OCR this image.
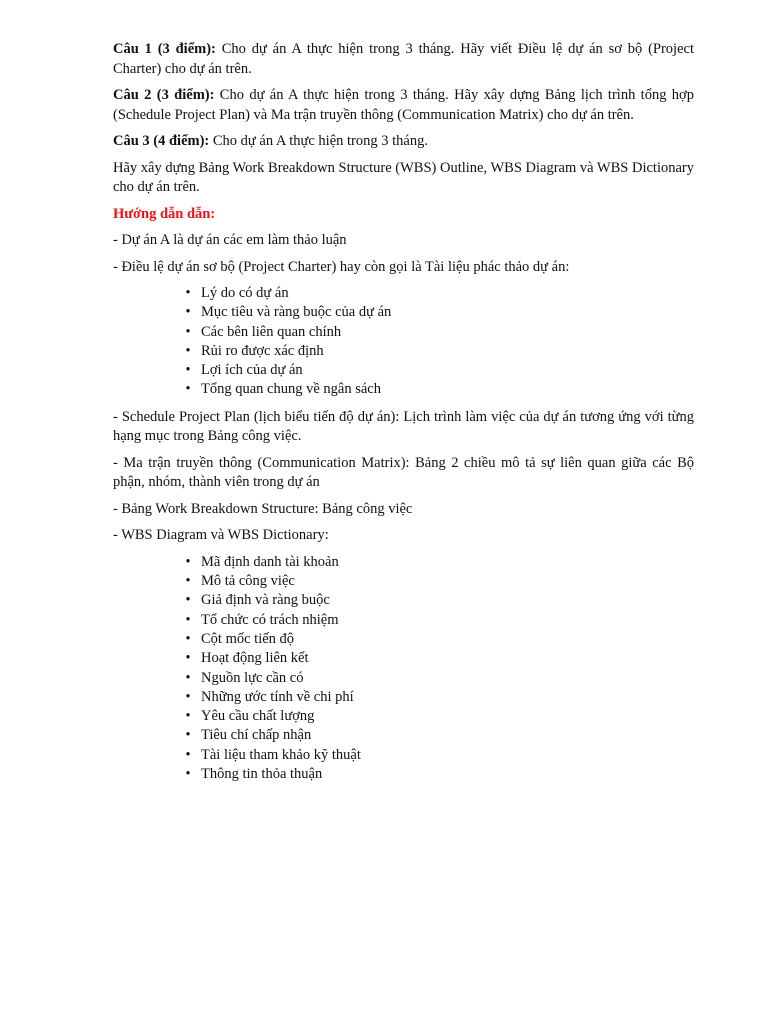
Câu 1 (3 điểm): Cho dự án A thực hiện trong 3 tháng. Hãy viết Điều lệ dự án sơ bộ (Project Charter) cho dự án trên.

Câu 2 (3 điểm): Cho dự án A thực hiện trong 3 tháng. Hãy xây dựng Bảng lịch trình tổng hợp (Schedule Project Plan) và Ma trận truyền thông (Communication Matrix) cho dự án trên.

Câu 3 (4 điểm): Cho dự án A thực hiện trong 3 tháng.

Hãy xây dựng Bảng Work Breakdown Structure (WBS) Outline, WBS Diagram và WBS Dictionary cho dự án trên.

Hướng dẫn dẫn:

- Dự án A là dự án các em làm thảo luận

- Điều lệ dự án sơ bộ (Project Charter) hay còn gọi là Tài liệu phác thảo dự án:

• Lý do có dự án
• Mục tiêu và ràng buộc của dự án
• Các bên liên quan chính
• Rủi ro được xác định
• Lợi ích của dự án
• Tổng quan chung về ngân sách

- Schedule Project Plan (lịch biểu tiến độ dự án): Lịch trình làm việc của dự án tương ứng với từng hạng mục trong Bảng công việc.

- Ma trận truyền thông (Communication Matrix): Bảng 2 chiều mô tả sự liên quan giữa các Bộ phận, nhóm, thành viên trong dự án

- Bảng Work Breakdown Structure: Bảng công việc

- WBS Diagram và WBS Dictionary:

• Mã định danh tài khoản
• Mô tả công việc
• Giả định và ràng buộc
• Tổ chức có trách nhiệm
• Cột mốc tiến độ
• Hoạt động liên kết
• Nguồn lực cần có
• Những ước tính về chi phí
• Yêu cầu chất lượng
• Tiêu chí chấp nhận
• Tài liệu tham khảo kỹ thuật
• Thông tin thỏa thuận
